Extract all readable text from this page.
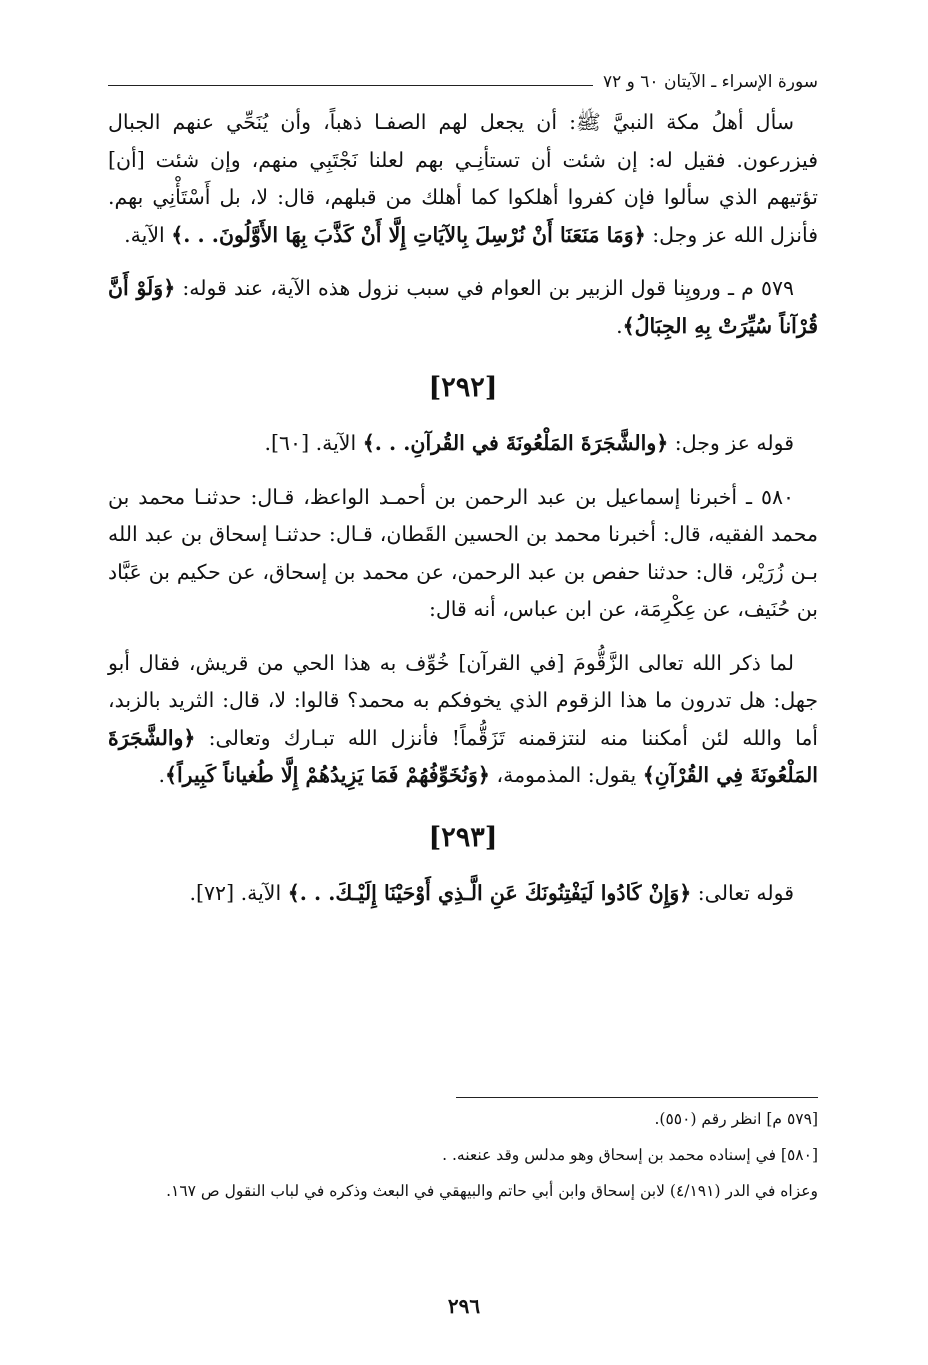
سورة الإسراء ـ الآيتان ٦٠ و ٧٢

سأل أهلُ مكة النبيَّ ﷺ: أن يجعل لهم الصفـا ذهباً، وأن يُنَحِّي عنهم الجبال فيزرعون. فقيل له: إن شئت أن تستأنِـي بهم لعلنا نَجْتَبِي منهم، وإن شئت [أن] تؤتيهم الذي سألوا فإن كفروا أهلكوا كما أهلك من قبلهم، قال: لا، بل أَسْتَأْنِي بهم. فأنزل الله عز وجل: ﴿وَمَا مَنَعَنَا أَنْ نُرْسِلَ بِالآيَاتِ إِلَّا أَنْ كَذَّبَ بِهَا الأَوَّلُونَ. . .﴾ الآية.

٥٧٩ م ـ ورويِنا قول الزبير بن العوام في سبب نزول هذه الآية، عند قوله: ﴿وَلَوْ أَنَّ قُرْآناً سُيِّرَتْ بِهِ الجِبَالُ﴾.

[٢٩٢]

قوله عز وجل: ﴿والشَّجَرَةَ المَلْعُونَةَ في القُرآنِ. . .﴾ الآية. [٦٠].

٥٨٠ ـ أخبرنا إسماعيل بن عبد الرحمن بن أحمـد الواعظ، قـال: حدثنـا محمد بن محمد الفقيه، قال: أخبرنا محمد بن الحسين القَطان، قـال: حدثنـا إسحاق بن عبد الله بـن زُرَيْر، قال: حدثنا حفص بن عبد الرحمن، عن محمد بن إسحاق، عن حكيم بن عَبَّاد بن حُنَيف، عن عِكْرِمَة، عن ابن عباس، أنه قال:

لما ذكر الله تعالى الزَّقُّومَ [في القرآن] خُوِّف به هذا الحي من قريش، فقال أبو جهل: هل تدرون ما هذا الزقوم الذي يخوفكم به محمد؟ قالوا: لا، قال: الثريد بالزبد، أما والله لئن أمكننا منه لنتزقمنه تَزَقُّماً! فأنزل الله تبـارك وتعالى: ﴿والشَّجَرَةَ المَلْعُونَةَ فِي القُرْآنِ﴾ يقول: المذمومة، ﴿وَنُخَوِّفُهُمْ فَمَا يَزِيدُهُمْ إِلَّا طُغياناً كَبِيراً﴾.

[٢٩٣]

قوله تعالى: ﴿وَإِنْ كَادُوا لَيَفْتِنُونَكَ عَنِ الَّـذِي أَوْحَيْنَا إِلَيْـكَ. . .﴾ الآية. [٧٢].

[٥٧٩ م] انظر رقم (٥٥٠).

[٥٨٠] في إسناده محمد بن إسحاق وهو مدلس وقد عنعنه. .

وعزاه في الدر (٤/١٩١) لابن إسحاق وابن أبي حاتم والبيهقي في البعث وذكره في لباب النقول ص ١٦٧.

٢٩٦
